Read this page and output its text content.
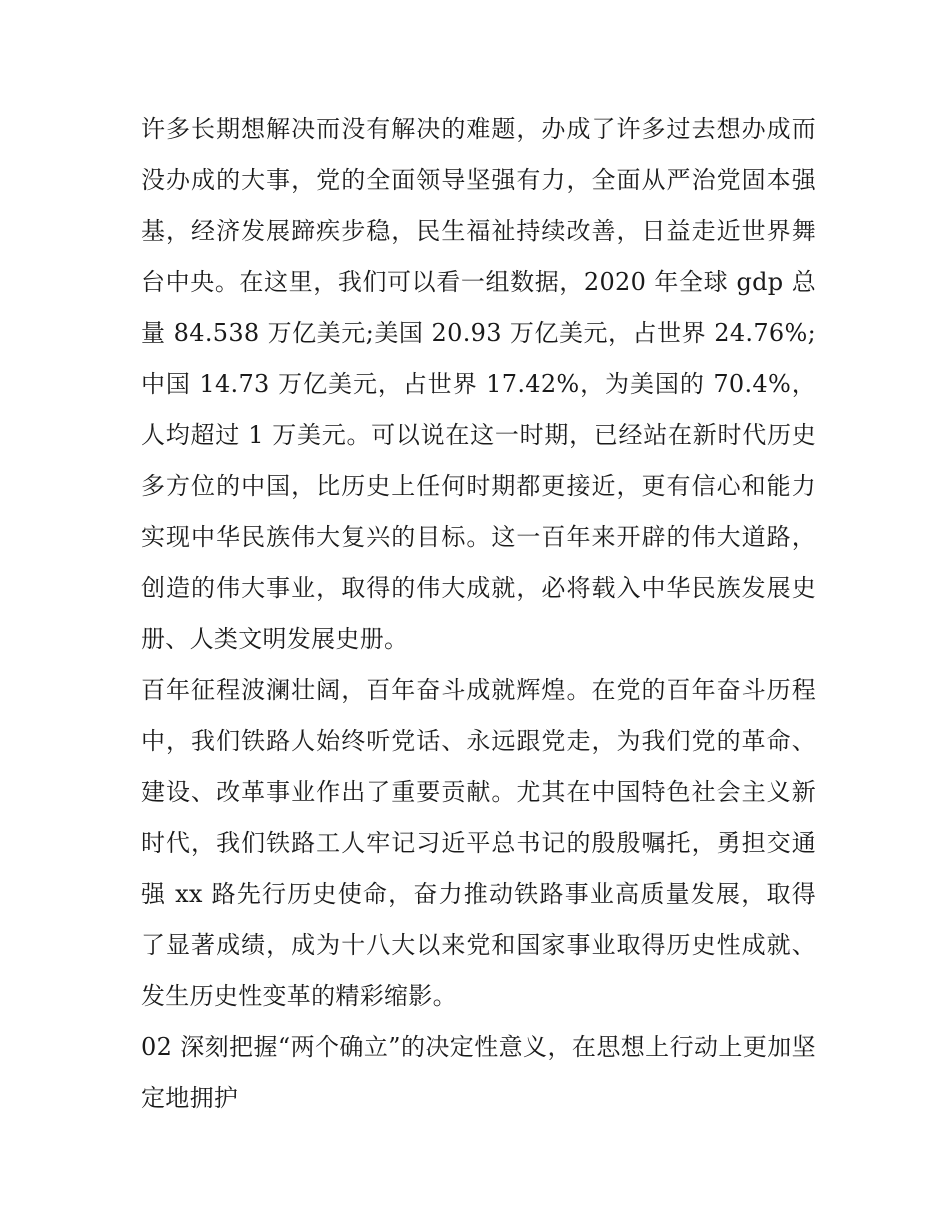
许多长期想解决而没有解决的难题，办成了许多过去想办成而没办成的大事，党的全面领导坚强有力，全面从严治党固本强基，经济发展蹄疾步稳，民生福祉持续改善，日益走近世界舞台中央。在这里，我们可以看一组数据，2020 年全球 gdp 总量 84.538 万亿美元;美国 20.93 万亿美元，占世界 24.76%;中国 14.73 万亿美元，占世界 17.42%，为美国的 70.4%，人均超过 1 万美元。可以说在这一时期，已经站在新时代历史多方位的中国，比历史上任何时期都更接近，更有信心和能力实现中华民族伟大复兴的目标。这一百年来开辟的伟大道路，创造的伟大事业，取得的伟大成就，必将载入中华民族发展史册、人类文明发展史册。

百年征程波澜壮阔，百年奋斗成就辉煌。在党的百年奋斗历程中，我们铁路人始终听党话、永远跟党走，为我们党的革命、建设、改革事业作出了重要贡献。尤其在中国特色社会主义新时代，我们铁路工人牢记习近平总书记的殷殷嘱托，勇担交通强 xx 路先行历史使命，奋力推动铁路事业高质量发展，取得了显著成绩，成为十八大以来党和国家事业取得历史性成就、发生历史性变革的精彩缩影。

02 深刻把握“两个确立”的决定性意义，在思想上行动上更加坚定地拥护
